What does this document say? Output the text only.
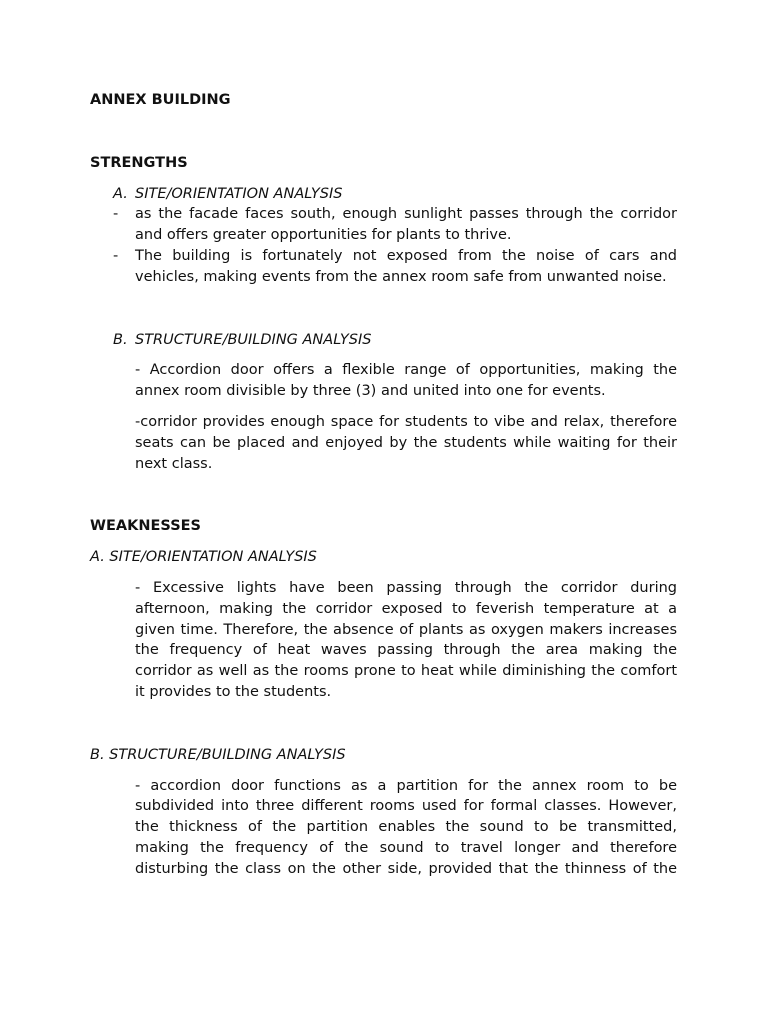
ANNEX BUILDING

STRENGTHS

A. SITE/ORIENTATION ANALYSIS
-	as the facade faces south, enough sunlight passes through the corridor and offers greater opportunities for plants to thrive.

-	The building is fortunately not exposed from the noise of cars and vehicles, making events from the annex room safe from unwanted noise.

B. STRUCTURE/BUILDING ANALYSIS

- Accordion door offers a flexible range of opportunities, making the annex room divisible by three (3) and united into one for events.

-corridor provides enough space for students to vibe and relax, therefore seats can be placed and enjoyed by the students while waiting for their next class.

WEAKNESSES

A. SITE/ORIENTATION ANALYSIS

- Excessive lights have been passing through the corridor during afternoon, making the corridor exposed to feverish temperature at a given time. Therefore, the absence of plants as oxygen makers increases the frequency of heat waves passing through the area making the corridor as well as the rooms prone to heat while diminishing the comfort it provides to the students.

B. STRUCTURE/BUILDING ANALYSIS

- accordion door functions as a partition for the annex room to be subdivided into three different rooms used for formal classes. However, the thickness of the partition enables the sound to be transmitted, making the frequency of the sound to travel longer and therefore disturbing the class on the other side, provided that the thinness of the
